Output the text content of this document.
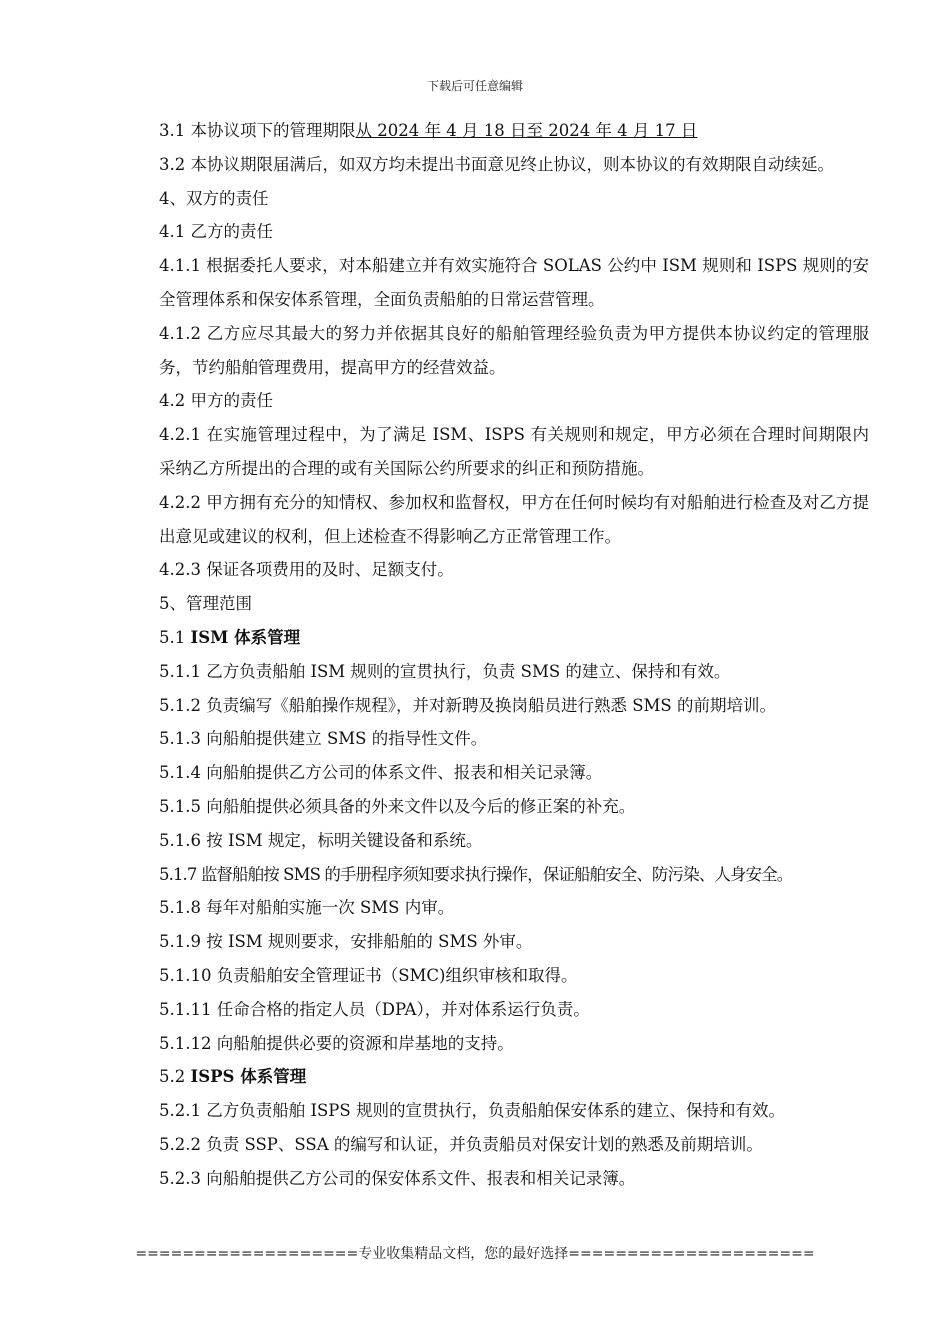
下载后可任意编辑

3.1 本协议项下的管理期限从 2024 年 4 月 18 日至 2024 年 4 月 17 日

3.2 本协议期限届满后，如双方均未提出书面意见终止协议，则本协议的有效期限自动续延。

4、双方的责任

4.1 乙方的责任

4.1.1 根据委托人要求，对本船建立并有效实施符合 SOLAS 公约中 ISM 规则和 ISPS 规则的安全管理体系和保安体系管理，全面负责船舶的日常运营管理。

4.1.2 乙方应尽其最大的努力并依据其良好的船舶管理经验负责为甲方提供本协议约定的管理服务，节约船舶管理费用，提高甲方的经营效益。

4.2 甲方的责任

4.2.1 在实施管理过程中，为了满足 ISM、ISPS 有关规则和规定，甲方必须在合理时间期限内采纳乙方所提出的合理的或有关国际公约所要求的纠正和预防措施。

4.2.2 甲方拥有充分的知情权、参加权和监督权，甲方在任何时候均有对船舶进行检查及对乙方提出意见或建议的权利，但上述检查不得影响乙方正常管理工作。

4.2.3 保证各项费用的及时、足额支付。

5、管理范围

5.1 ISM 体系管理

5.1.1 乙方负责船舶 ISM 规则的宣贯执行，负责 SMS 的建立、保持和有效。

5.1.2 负责编写《船舶操作规程》，并对新聘及换岗船员进行熟悉 SMS 的前期培训。

5.1.3 向船舶提供建立 SMS 的指导性文件。

5.1.4 向船舶提供乙方公司的体系文件、报表和相关记录簿。

5.1.5 向船舶提供必须具备的外来文件以及今后的修正案的补充。

5.1.6 按 ISM 规定，标明关键设备和系统。

5.1.7 监督船舶按 SMS 的手册程序须知要求执行操作，保证船舶安全、防污染、人身安全。

5.1.8 每年对船舶实施一次 SMS 内审。

5.1.9 按 ISM 规则要求，安排船舶的 SMS 外审。

5.1.10 负责船舶安全管理证书（SMC)组织审核和取得。

5.1.11 任命合格的指定人员（DPA），并对体系运行负责。

5.1.12 向船舶提供必要的资源和岸基地的支持。

5.2 ISPS 体系管理

5.2.1 乙方负责船舶 ISPS 规则的宣贯执行，负责船舶保安体系的建立、保持和有效。

5.2.2 负责 SSP、SSA 的编写和认证，并负责船员对保安计划的熟悉及前期培训。

5.2.3 向船舶提供乙方公司的保安体系文件、报表和相关记录簿。

===================专业收集精品文档，您的最好选择=====================
